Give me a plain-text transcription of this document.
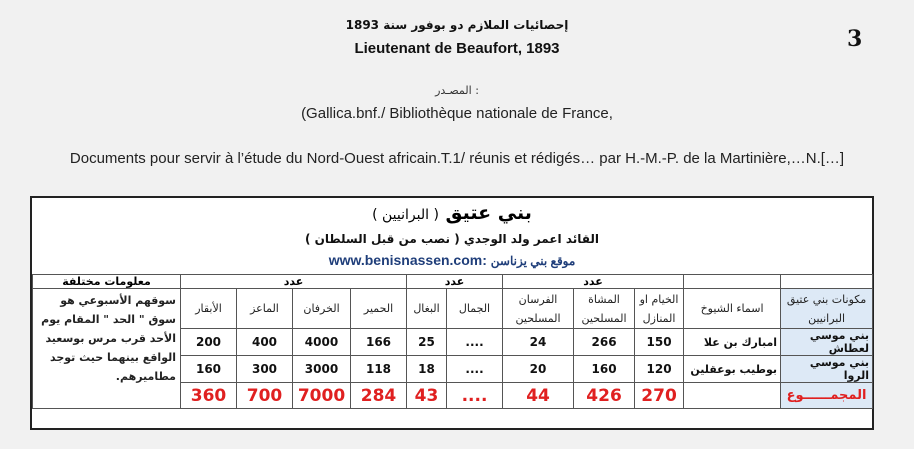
إحصائيات الملازم دو بوفور سنة 1893
Lieutenant de Beaufort, 1893	3
المصـدر :
(Gallica.bnf./ Bibliothèque nationale de France,
Documents pour servir à l’étude du Nord-Ouest africain.T.1/ réunis et rédigés… par H.-M.-P. de la Martinière,…N.[…]
بني عتيق ( البرانيين )
القائد اعمر ولد الوجدي ( نصب من قبل السلطان )
www.benisnassen.com: موقع بني يزناسن
معلومات مختلفة	عدد				عدد		عدد				
سوقهم الأسبوعي هو سوق " الحد " المقام يوم الأحد قرب مرس بوسعيد الواقع بينهما حيث توجد مطاميرهم.	الأبقار	الماعز	الخرفان	الحمير	البغال	الجمال	الفرسان المسلحين	المشاة المسلحين	الخيام او المنازل	اسماء الشيوخ	مكونات بني عتيق البرانيين
	200	400	4000	166	25	....	24	266	150	امبارك بن علا	بني موسي لعطاش
	160	300	3000	118	18	....	20	160	120	بوطيب بوعقلين	بني موسي الروا
	360	700	7000	284	43	....	44	426	270		المجمــــــوع
